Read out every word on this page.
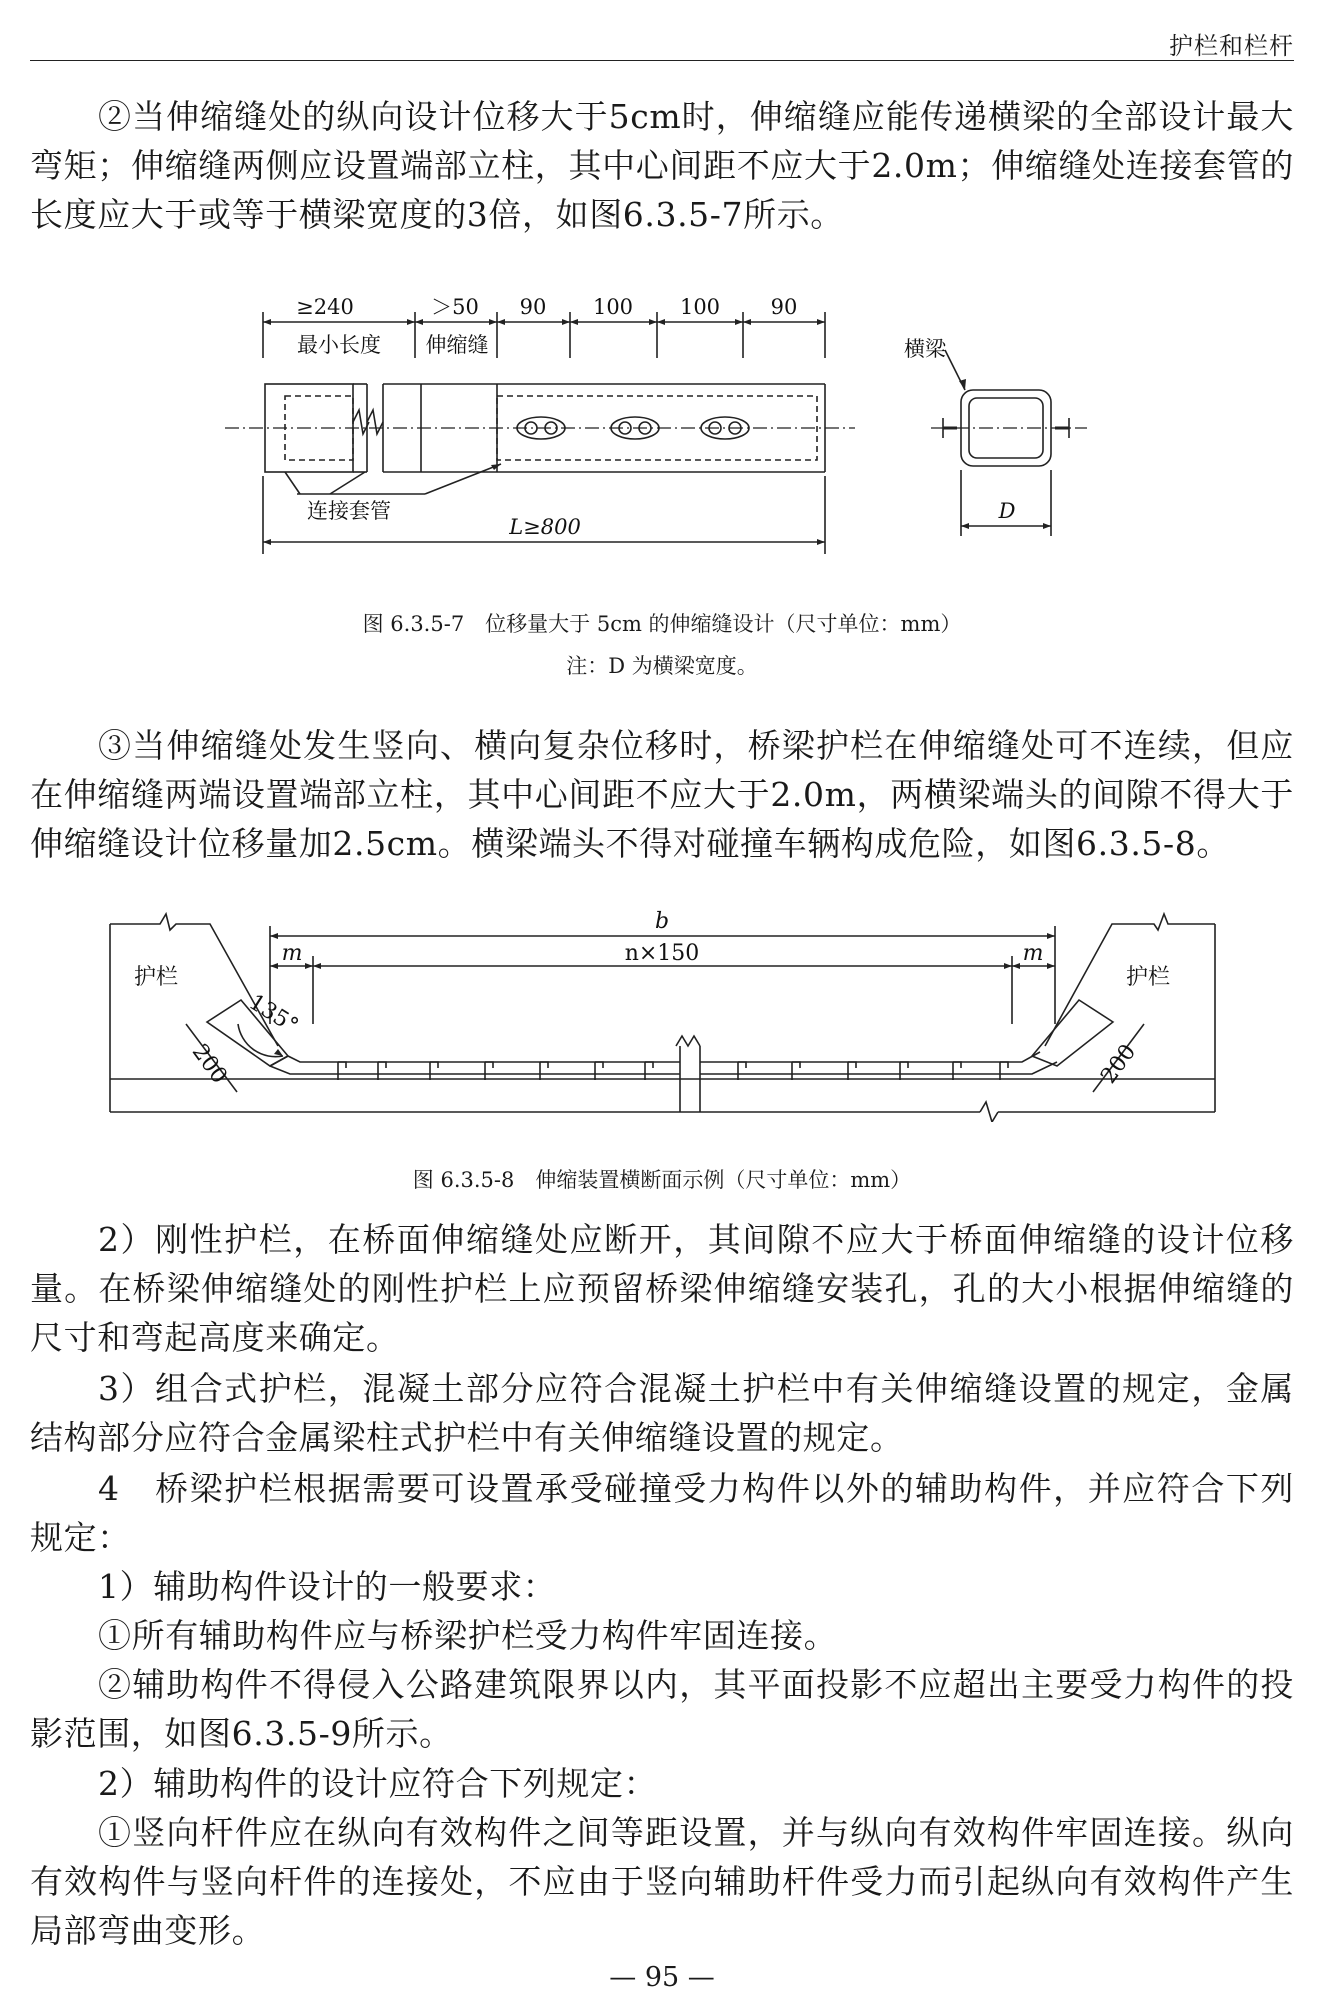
护栏和栏杆

②当伸缩缝处的纵向设计位移大于5cm时，伸缩缝应能传递横梁的全部设计最大弯矩；伸缩缝两侧应设置端部立柱，其中心间距不应大于2.0m；伸缩缝处连接套管的长度应大于或等于横梁宽度的3倍，如图6.3.5-7所示。

≥240	＞50 90 100 100 90
最小长度 伸缩缝	横梁
连接套管
L≥800
D
图 6.3.5-7　位移量大于 5cm 的伸缩缝设计（尺寸单位：mm）
注：D 为横梁宽度。

③当伸缩缝处发生竖向、横向复杂位移时，桥梁护栏在伸缩缝处可不连续，但应在伸缩缝两端设置端部立柱，其中心间距不应大于2.0m，两横梁端头的间隙不得大于伸缩缝设计位移量加2.5cm。横梁端头不得对碰撞车辆构成危险，如图6.3.5-8。

b
m	m
n×150
护栏	护栏
135°
200	200
图 6.3.5-8　伸缩装置横断面示例（尺寸单位：mm）

2）刚性护栏，在桥面伸缩缝处应断开，其间隙不应大于桥面伸缩缝的设计位移量。在桥梁伸缩缝处的刚性护栏上应预留桥梁伸缩缝安装孔，孔的大小根据伸缩缝的尺寸和弯起高度来确定。

3）组合式护栏，混凝土部分应符合混凝土护栏中有关伸缩缝设置的规定，金属结构部分应符合金属梁柱式护栏中有关伸缩缝设置的规定。

4　桥梁护栏根据需要可设置承受碰撞受力构件以外的辅助构件，并应符合下列规定：

1）辅助构件设计的一般要求：

①所有辅助构件应与桥梁护栏受力构件牢固连接。

②辅助构件不得侵入公路建筑限界以内，其平面投影不应超出主要受力构件的投影范围，如图6.3.5-9所示。

2）辅助构件的设计应符合下列规定：

①竖向杆件应在纵向有效构件之间等距设置，并与纵向有效构件牢固连接。纵向有效构件与竖向杆件的连接处，不应由于竖向辅助杆件受力而引起纵向有效构件产生局部弯曲变形。

— 95 —
